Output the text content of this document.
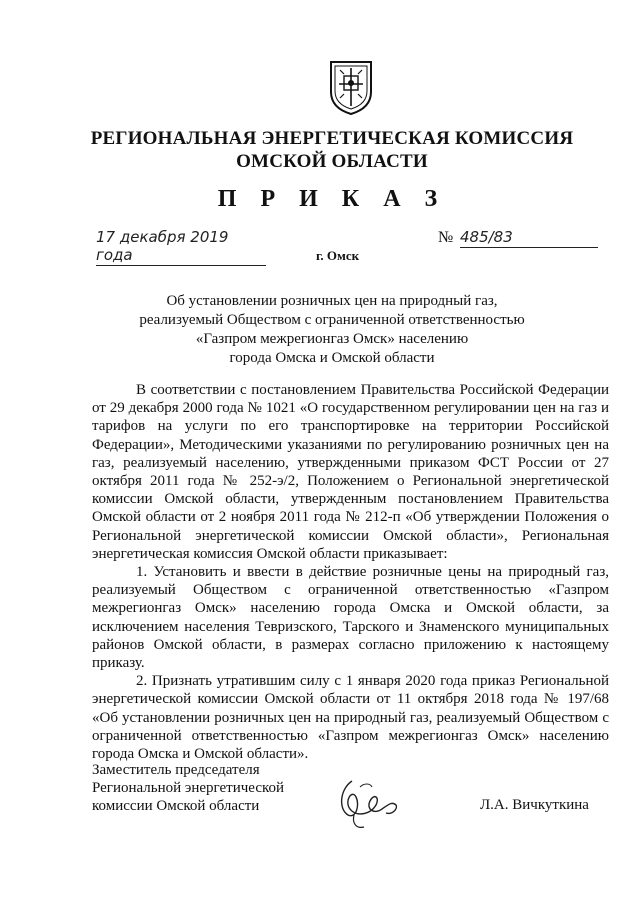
РЕГИОНАЛЬНАЯ ЭНЕРГЕТИЧЕСКАЯ КОМИССИЯ
ОМСКОЙ ОБЛАСТИ
П Р И К А З
17 декабря 2019 года
№ 485/83
г. Омск
Об установлении розничных цен на природный газ,
реализуемый Обществом с ограниченной ответственностью
«Газпром межрегионгаз Омск» населению
города Омска и Омской области

В соответствии с постановлением Правительства Российской Федерации от 29 декабря 2000 года № 1021 «О государственном регулировании цен на газ и тарифов на услуги по его транспортировке на территории Российской Федерации», Методическими указаниями по регулированию розничных цен на газ, реализуемый населению, утвержденными приказом ФСТ России от 27 октября 2011 года № 252-э/2, Положением о Региональной энергетической комиссии Омской области, утвержденным постановлением Правительства Омской области от 2 ноября 2011 года № 212-п «Об утверждении Положения о Региональной энергетической комиссии Омской области», Региональная энергетическая комиссия Омской области приказывает:

1. Установить и ввести в действие розничные цены на природный газ, реализуемый Обществом с ограниченной ответственностью «Газпром межрегионгаз Омск» населению города Омска и Омской области, за исключением населения Тевризского, Тарского и Знаменского муниципальных районов Омской области, в размерах согласно приложению к настоящему приказу.

2. Признать утратившим силу с 1 января 2020 года приказ Региональной энергетической комиссии Омской области от 11 октября 2018 года № 197/68 «Об установлении розничных цен на природный газ, реализуемый Обществом с ограниченной ответственностью «Газпром межрегионгаз Омск» населению города Омска и Омской области».

Заместитель председателя
Региональной энергетической
комиссии Омской области	Л.А. Вичкуткина
